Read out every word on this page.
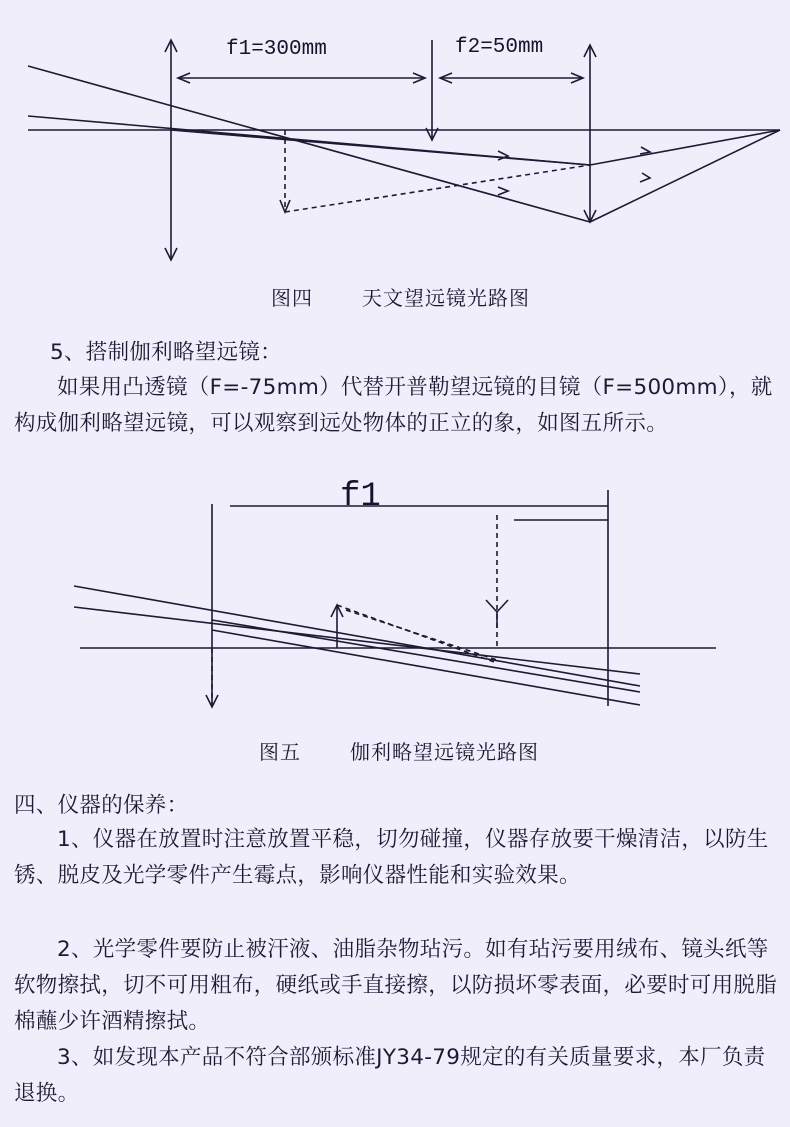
f1=300mm	f2=50mm
图四 天文望远镜光路图
5、搭制伽利略望远镜：
如果用凸透镜（F=-75mm）代替开普勒望远镜的目镜（F=500mm），就构成伽利略望远镜，可以观察到远处物体的正立的象，如图五所示。
f1
图五 伽利略望远镜光路图
四、仪器的保养：
1、仪器在放置时注意放置平稳，切勿碰撞，仪器存放要干燥清洁，以防生锈、脱皮及光学零件产生霉点，影响仪器性能和实验效果。
2、光学零件要防止被汗液、油脂杂物玷污。如有玷污要用绒布、镜头纸等软物擦拭，切不可用粗布，硬纸或手直接擦，以防损坏零表面，必要时可用脱脂棉蘸少许酒精擦拭。
3、如发现本产品不符合部颁标准JY34-79规定的有关质量要求，本厂负责退换。
